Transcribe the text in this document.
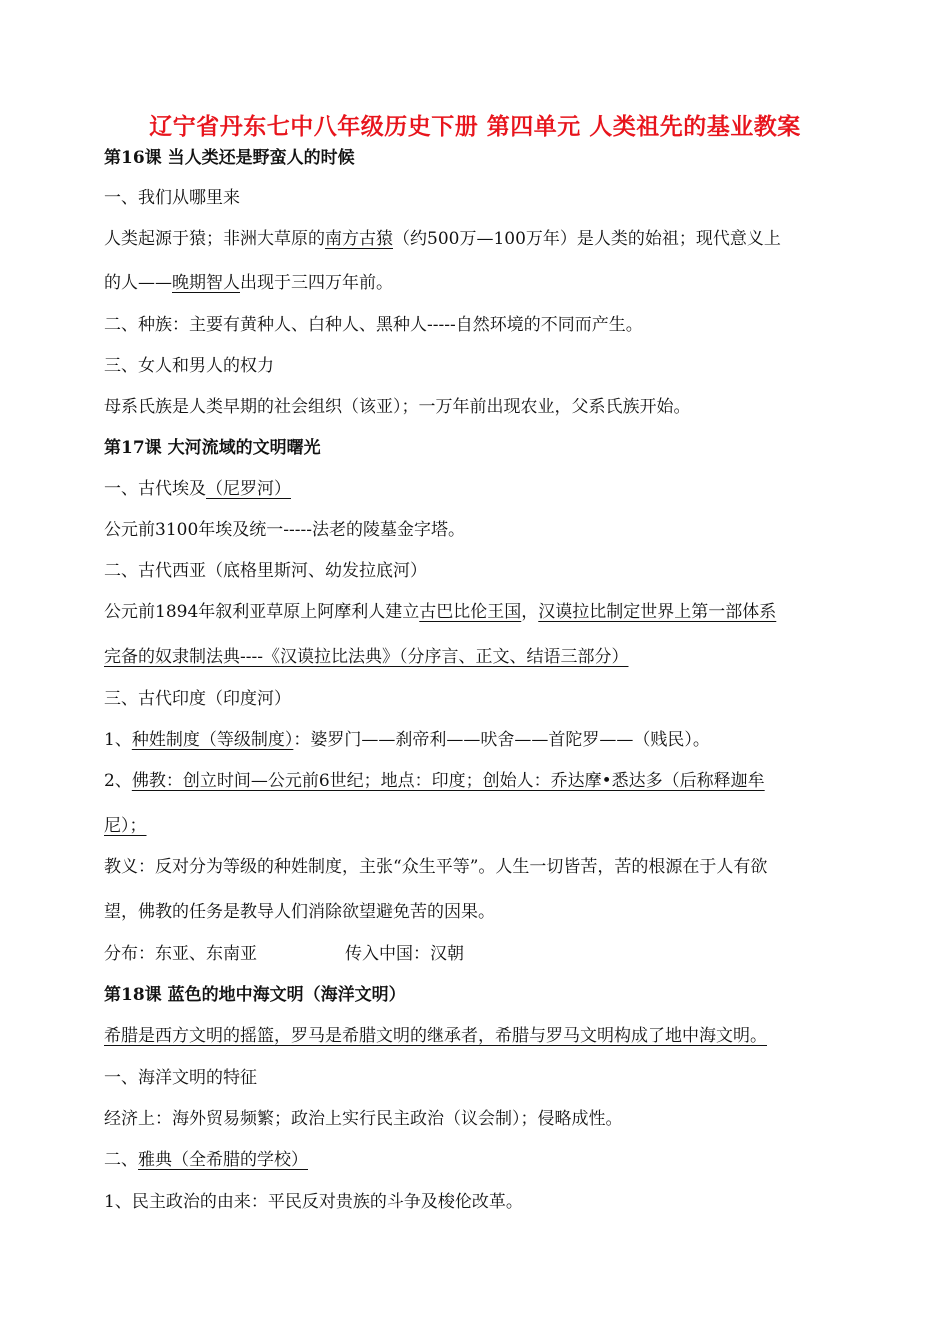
辽宁省丹东七中八年级历史下册 第四单元 人类祖先的基业教案
第16课 当人类还是野蛮人的时候
一、我们从哪里来
人类起源于猿；非洲大草原的南方古猿（约500万—100万年）是人类的始祖；现代意义上
的人——晚期智人出现于三四万年前。
二、种族：主要有黄种人、白种人、黑种人-----自然环境的不同而产生。
三、女人和男人的权力
母系氏族是人类早期的社会组织（该亚）；一万年前出现农业，父系氏族开始。
第17课 大河流域的文明曙光
一、古代埃及（尼罗河）
公元前3100年埃及统一-----法老的陵墓金字塔。
二、古代西亚（底格里斯河、幼发拉底河）
公元前1894年叙利亚草原上阿摩利人建立古巴比伦王国，汉谟拉比制定世界上第一部体系
完备的奴隶制法典----《汉谟拉比法典》（分序言、正文、结语三部分）
三、古代印度（印度河）
1、种姓制度（等级制度）：婆罗门——刹帝利——吠舍——首陀罗——（贱民）。
2、佛教：创立时间—公元前6世纪；地点：印度；创始人：乔达摩•悉达多（后称释迦牟
尼）；
教义：反对分为等级的种姓制度，主张“众生平等”。人生一切皆苦，苦的根源在于人有欲
望，佛教的任务是教导人们消除欲望避免苦的因果。
分布：东亚、东南亚	传入中国：汉朝
第18课 蓝色的地中海文明（海洋文明）
希腊是西方文明的摇篮，罗马是希腊文明的继承者，希腊与罗马文明构成了地中海文明。
一、海洋文明的特征
经济上：海外贸易频繁；政治上实行民主政治（议会制）；侵略成性。
二、雅典（全希腊的学校）
1、民主政治的由来：平民反对贵族的斗争及梭伦改革。
